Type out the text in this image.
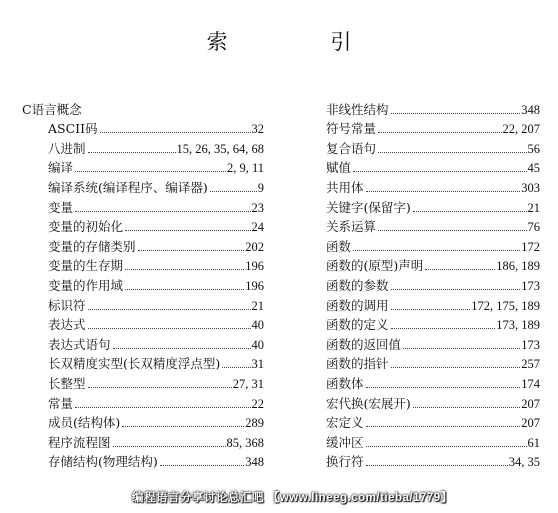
索 引
C语言概念
ASCII码	32
八进制	15, 26, 35, 64, 68
编译	2, 9, 11
编译系统(编译程序、编译器)	9
变量	23
变量的初始化	24
变量的存储类别	202
变量的生存期	196
变量的作用域	196
标识符	21
表达式	40
表达式语句	40
长双精度实型(长双精度浮点型) 31
长整型	27, 31
常量	22
成员(结构体)	289
程序流程图	85, 368
存储结构(物理结构)	348
非线性结构	348
符号常量	22, 207
复合语句	56
赋值	45
共用体	303
关键字(保留字)	21
关系运算	76
函数	172
函数的(原型)声明	186, 189
函数的参数	173
函数的调用	172, 175, 189
函数的定义	173, 189
函数的返回值	173
函数的指针	257
函数体	174
宏代换(宏展开)	207
宏定义	207
缓冲区	61
换行符	34, 35
编程语言分享讨论总汇吧 【www.lineeg.com/tieba/1779】
